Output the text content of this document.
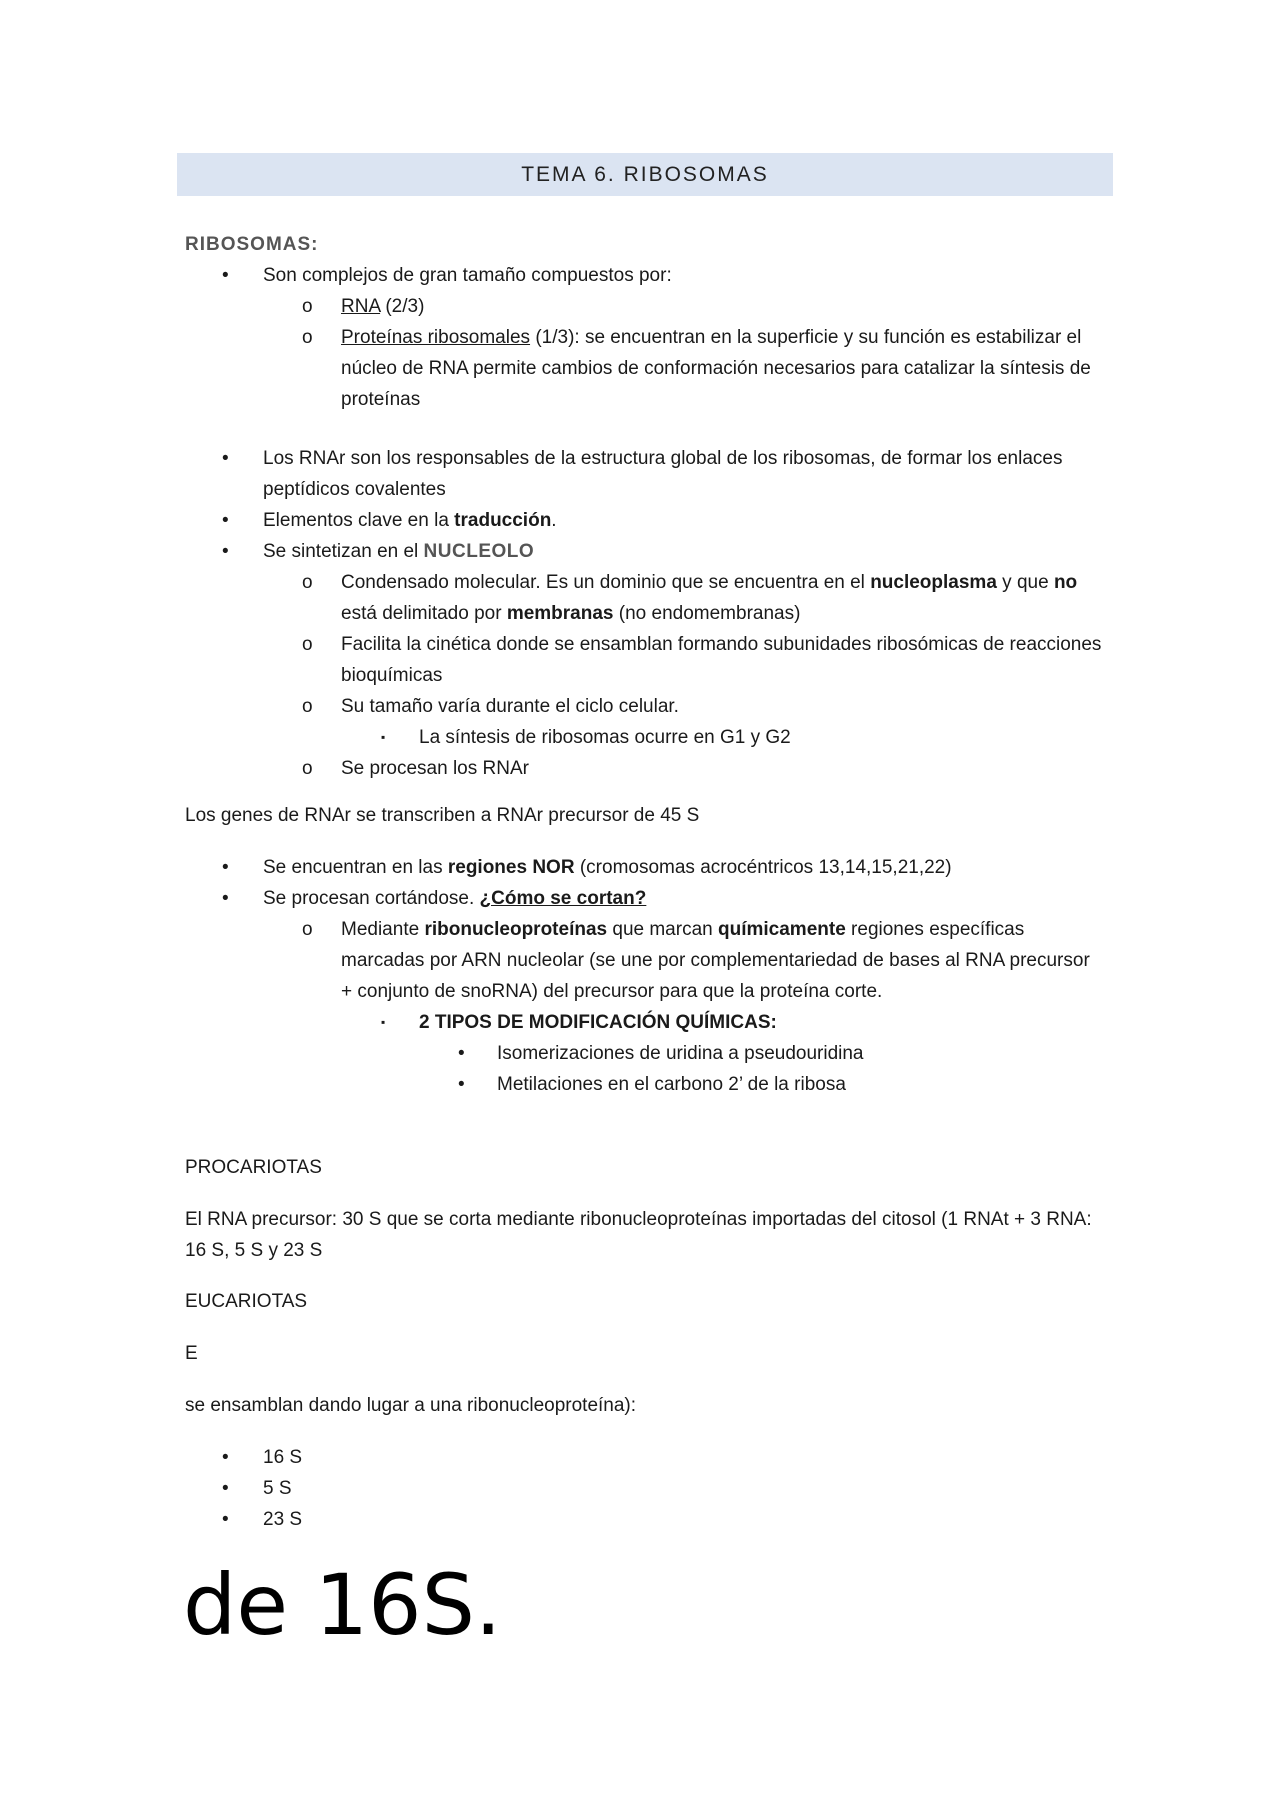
TEMA 6. RIBOSOMAS
RIBOSOMAS:
• Son complejos de gran tamaño compuestos por:
o RNA (2/3)
o Proteínas ribosomales (1/3): se encuentran en la superficie y su función es estabilizar el núcleo de RNA permite cambios de conformación necesarios para catalizar la síntesis de proteínas
• Los RNAr son los responsables de la estructura global de los ribosomas, de formar los enlaces peptídicos covalentes
• Elementos clave en la traducción.
• Se sintetizan en el NUCLEOLO
o Condensado molecular. Es un dominio que se encuentra en el nucleoplasma y que no está delimitado por membranas (no endomembranas)
o Facilita la cinética donde se ensamblan formando subunidades ribosómicas de reacciones bioquímicas
o Su tamaño varía durante el ciclo celular.
▪ La síntesis de ribosomas ocurre en G1 y G2
o Se procesan los RNAr
Los genes de RNAr se transcriben a RNAr precursor de 45 S
• Se encuentran en las regiones NOR (cromosomas acrocéntricos 13,14,15,21,22)
• Se procesan cortándose. ¿Cómo se cortan?
o Mediante ribonucleoproteínas que marcan químicamente regiones específicas marcadas por ARN nucleolar (se une por complementariedad de bases al RNA precursor + conjunto de snoRNA) del precursor para que la proteína corte.
▪ 2 TIPOS DE MODIFICACIÓN QUÍMICAS:
• Isomerizaciones de uridina a pseudouridina
• Metilaciones en el carbono 2’ de la ribosa
PROCARIOTAS
El RNA precursor: 30 S que se corta mediante ribonucleoproteínas importadas del citosol (1 RNAt + 3 RNA: 16 S, 5 S y 23 S
EUCARIOTAS
E
se ensamblan dando lugar a una ribonucleoproteína):
• 16 S
• 5 S
• 23 S
de 16S.
